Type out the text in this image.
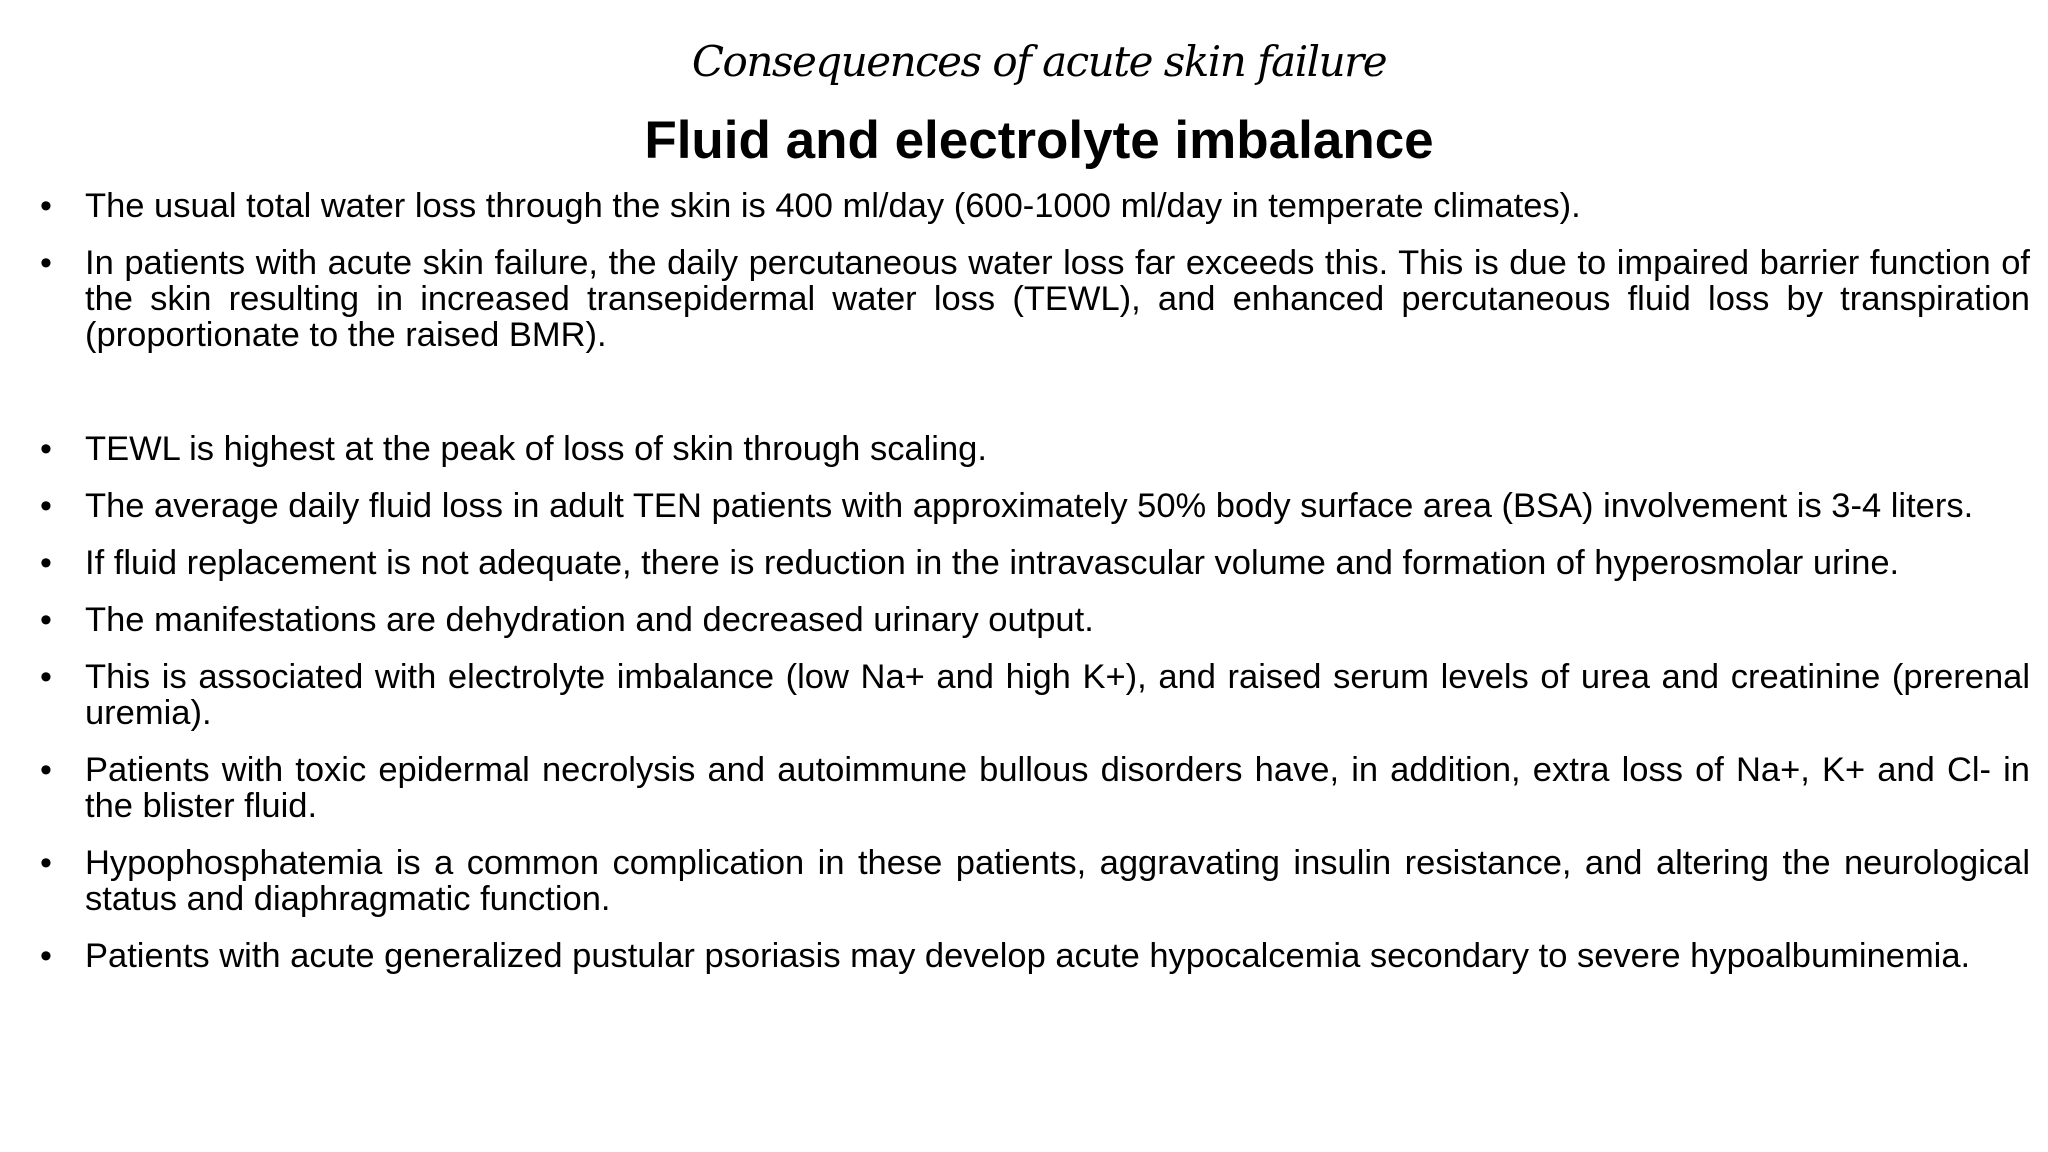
Consequences of acute skin failure
Fluid and electrolyte imbalance
• The usual total water loss through the skin is 400 ml/day (600-1000 ml/day in temperate climates).
• In patients with acute skin failure, the daily percutaneous water loss far exceeds this. This is due to impaired barrier function of the skin resulting in increased transepidermal water loss (TEWL), and enhanced percutaneous fluid loss by transpiration (proportionate to the raised BMR).
• TEWL is highest at the peak of loss of skin through scaling.
• The average daily fluid loss in adult TEN patients with approximately 50% body surface area (BSA) involvement is 3-4 liters.
• If fluid replacement is not adequate, there is reduction in the intravascular volume and formation of hyperosmolar urine.
• The manifestations are dehydration and decreased urinary output.
• This is associated with electrolyte imbalance (low Na+ and high K+), and raised serum levels of urea and creatinine (prerenal uremia).
• Patients with toxic epidermal necrolysis and autoimmune bullous disorders have, in addition, extra loss of Na+, K+ and Cl- in the blister fluid.
• Hypophosphatemia is a common complication in these patients, aggravating insulin resistance, and altering the neurological status and diaphragmatic function.
• Patients with acute generalized pustular psoriasis may develop acute hypocalcemia secondary to severe hypoalbuminemia.
